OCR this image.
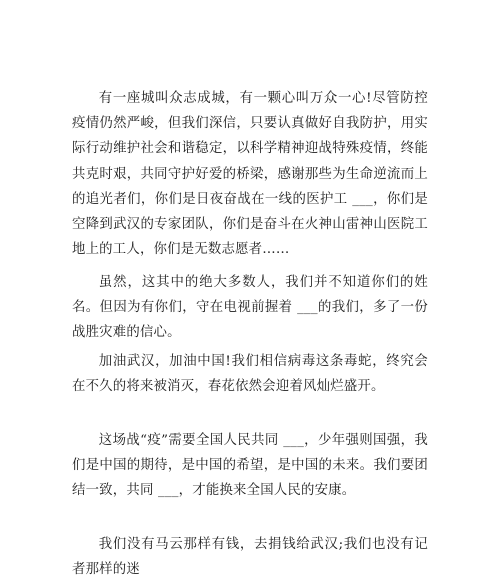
有一座城叫众志成城，有一颗心叫万众一心!尽管防控疫情仍然严峻，但我们深信，只要认真做好自我防护，用实际行动维护社会和谐稳定，以科学精神迎战特殊疫情，终能共克时艰，共同守护好爱的桥梁，感谢那些为生命逆流而上的追光者们，你们是日夜奋战在一线的医护工 ___，你们是空降到武汉的专家团队，你们是奋斗在火神山雷神山医院工地上的工人，你们是无数志愿者……

虽然，这其中的绝大多数人，我们并不知道你们的姓名。但因为有你们，守在电视前握着 ___的我们，多了一份战胜灾难的信心。

加油武汉，加油中国!我们相信病毒这条毒蛇，终究会在不久的将来被消灭，春花依然会迎着风灿烂盛开。

这场战“疫”需要全国人民共同 ___，少年强则国强，我们是中国的期待，是中国的希望，是中国的未来。我们要团结一致，共同 ___，才能换来全国人民的安康。

我们没有马云那样有钱，去捐钱给武汉;我们也没有记者那样的迷
